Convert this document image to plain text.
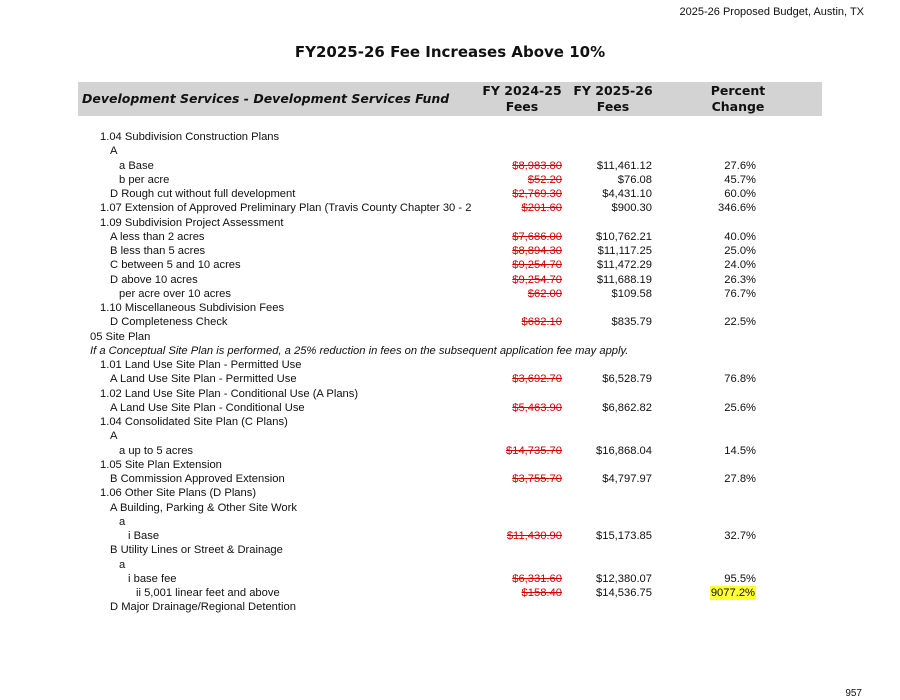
2025-26 Proposed Budget, Austin, TX
FY2025-26 Fee Increases Above 10%
Development Services - Development Services Fund
FY 2024-25
Fees
FY 2025-26
Fees
Percent
Change
1.04 Subdivision Construction Plans
A
a Base	$8,983.80	$11,461.12	27.6%
b per acre	$52.20	$76.08	45.7%
D Rough cut without full development	$2,769.30	$4,431.10	60.0%
1.07 Extension of Approved Preliminary Plan (Travis County Chapter 30 - 2	$201.60	$900.30	346.6%
1.09 Subdivision Project Assessment
A less than 2 acres	$7,686.00	$10,762.21	40.0%
B less than 5 acres	$8,894.30	$11,117.25	25.0%
C between 5 and 10 acres	$9,254.70	$11,472.29	24.0%
D above 10 acres	$9,254.70	$11,688.19	26.3%
per acre over 10 acres	$62.00	$109.58	76.7%
1.10 Miscellaneous Subdivision Fees
D Completeness Check	$682.10	$835.79	22.5%
05 Site Plan
If a Conceptual Site Plan is performed, a 25% reduction in fees on the subsequent application fee may apply.
1.01 Land Use Site Plan - Permitted Use
A Land Use Site Plan - Permitted Use	$3,692.70	$6,528.79	76.8%
1.02 Land Use Site Plan - Conditional Use (A Plans)
A Land Use Site Plan - Conditional Use	$5,463.90	$6,862.82	25.6%
1.04 Consolidated Site Plan (C Plans)
A
a up to 5 acres	$14,735.70	$16,868.04	14.5%
1.05 Site Plan Extension
B Commission Approved Extension	$3,755.70	$4,797.97	27.8%
1.06 Other Site Plans (D Plans)
A Building, Parking & Other Site Work
a
i Base	$11,430.90	$15,173.85	32.7%
B Utility Lines or Street & Drainage
a
i base fee	$6,331.60	$12,380.07	95.5%
ii 5,001 linear feet and above	$158.40	$14,536.75	9077.2%
D Major Drainage/Regional Detention
957
